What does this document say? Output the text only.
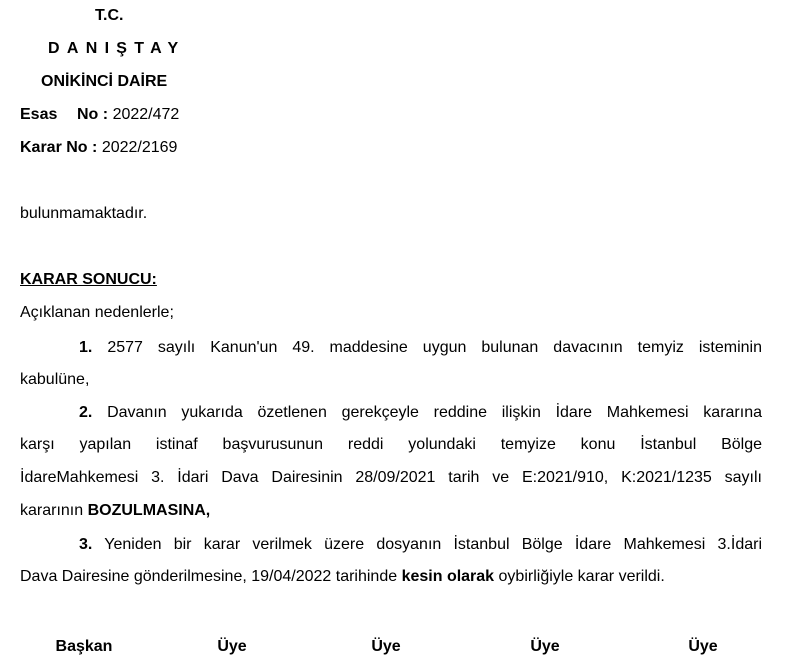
T.C.
DANIŞTAY
ONİKİNCİ DAİRE
Esas No : 2022/472
Karar No : 2022/2169
bulunmamaktadır.
KARAR SONUCU:
Açıklanan nedenlerle;
1. 2577 sayılı Kanun'un 49. maddesine uygun bulunan davacının temyiz isteminin
kabulüne,
2. Davanın yukarıda özetlenen gerekçeyle reddine ilişkin İdare Mahkemesi kararına
karşı yapılan istinaf başvurusunun reddi yolundaki temyize konu İstanbul Bölge
İdareMahkemesi 3. İdari Dava Dairesinin 28/09/2021 tarih ve E:2021/910, K:2021/1235 sayılı
kararının BOZULMASINA,
3. Yeniden bir karar verilmek üzere dosyanın İstanbul Bölge İdare Mahkemesi 3.İdari
Dava Dairesine gönderilmesine, 19/04/2022 tarihinde kesin olarak oybirliğiyle karar verildi.
Başkan	Üye	Üye	Üye	Üye
